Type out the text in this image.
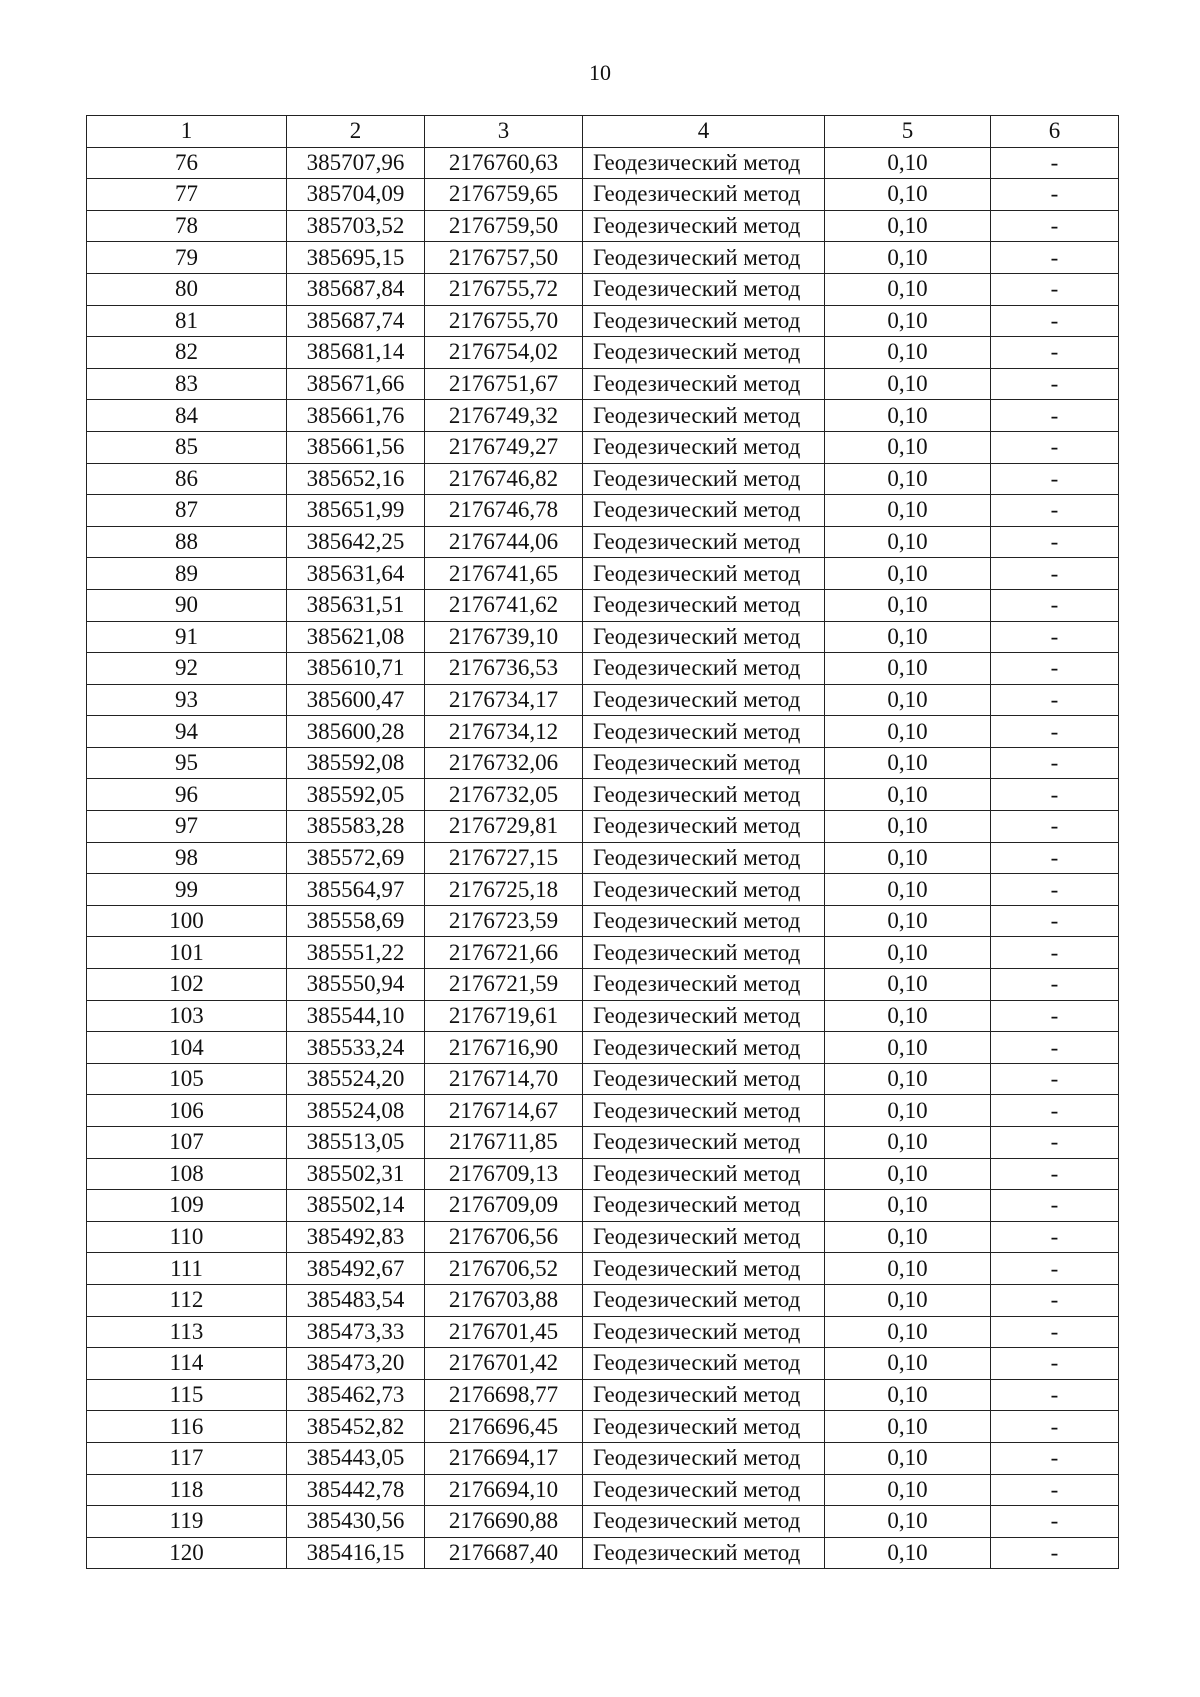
10
1	2	3	4	5	6
76	385707,96	2176760,63	Геодезический метод	0,10	-
77	385704,09	2176759,65	Геодезический метод	0,10	-
78	385703,52	2176759,50	Геодезический метод	0,10	-
79	385695,15	2176757,50	Геодезический метод	0,10	-
80	385687,84	2176755,72	Геодезический метод	0,10	-
81	385687,74	2176755,70	Геодезический метод	0,10	-
82	385681,14	2176754,02	Геодезический метод	0,10	-
83	385671,66	2176751,67	Геодезический метод	0,10	-
84	385661,76	2176749,32	Геодезический метод	0,10	-
85	385661,56	2176749,27	Геодезический метод	0,10	-
86	385652,16	2176746,82	Геодезический метод	0,10	-
87	385651,99	2176746,78	Геодезический метод	0,10	-
88	385642,25	2176744,06	Геодезический метод	0,10	-
89	385631,64	2176741,65	Геодезический метод	0,10	-
90	385631,51	2176741,62	Геодезический метод	0,10	-
91	385621,08	2176739,10	Геодезический метод	0,10	-
92	385610,71	2176736,53	Геодезический метод	0,10	-
93	385600,47	2176734,17	Геодезический метод	0,10	-
94	385600,28	2176734,12	Геодезический метод	0,10	-
95	385592,08	2176732,06	Геодезический метод	0,10	-
96	385592,05	2176732,05	Геодезический метод	0,10	-
97	385583,28	2176729,81	Геодезический метод	0,10	-
98	385572,69	2176727,15	Геодезический метод	0,10	-
99	385564,97	2176725,18	Геодезический метод	0,10	-
100	385558,69	2176723,59	Геодезический метод	0,10	-
101	385551,22	2176721,66	Геодезический метод	0,10	-
102	385550,94	2176721,59	Геодезический метод	0,10	-
103	385544,10	2176719,61	Геодезический метод	0,10	-
104	385533,24	2176716,90	Геодезический метод	0,10	-
105	385524,20	2176714,70	Геодезический метод	0,10	-
106	385524,08	2176714,67	Геодезический метод	0,10	-
107	385513,05	2176711,85	Геодезический метод	0,10	-
108	385502,31	2176709,13	Геодезический метод	0,10	-
109	385502,14	2176709,09	Геодезический метод	0,10	-
110	385492,83	2176706,56	Геодезический метод	0,10	-
111	385492,67	2176706,52	Геодезический метод	0,10	-
112	385483,54	2176703,88	Геодезический метод	0,10	-
113	385473,33	2176701,45	Геодезический метод	0,10	-
114	385473,20	2176701,42	Геодезический метод	0,10	-
115	385462,73	2176698,77	Геодезический метод	0,10	-
116	385452,82	2176696,45	Геодезический метод	0,10	-
117	385443,05	2176694,17	Геодезический метод	0,10	-
118	385442,78	2176694,10	Геодезический метод	0,10	-
119	385430,56	2176690,88	Геодезический метод	0,10	-
120	385416,15	2176687,40	Геодезический метод	0,10	-
